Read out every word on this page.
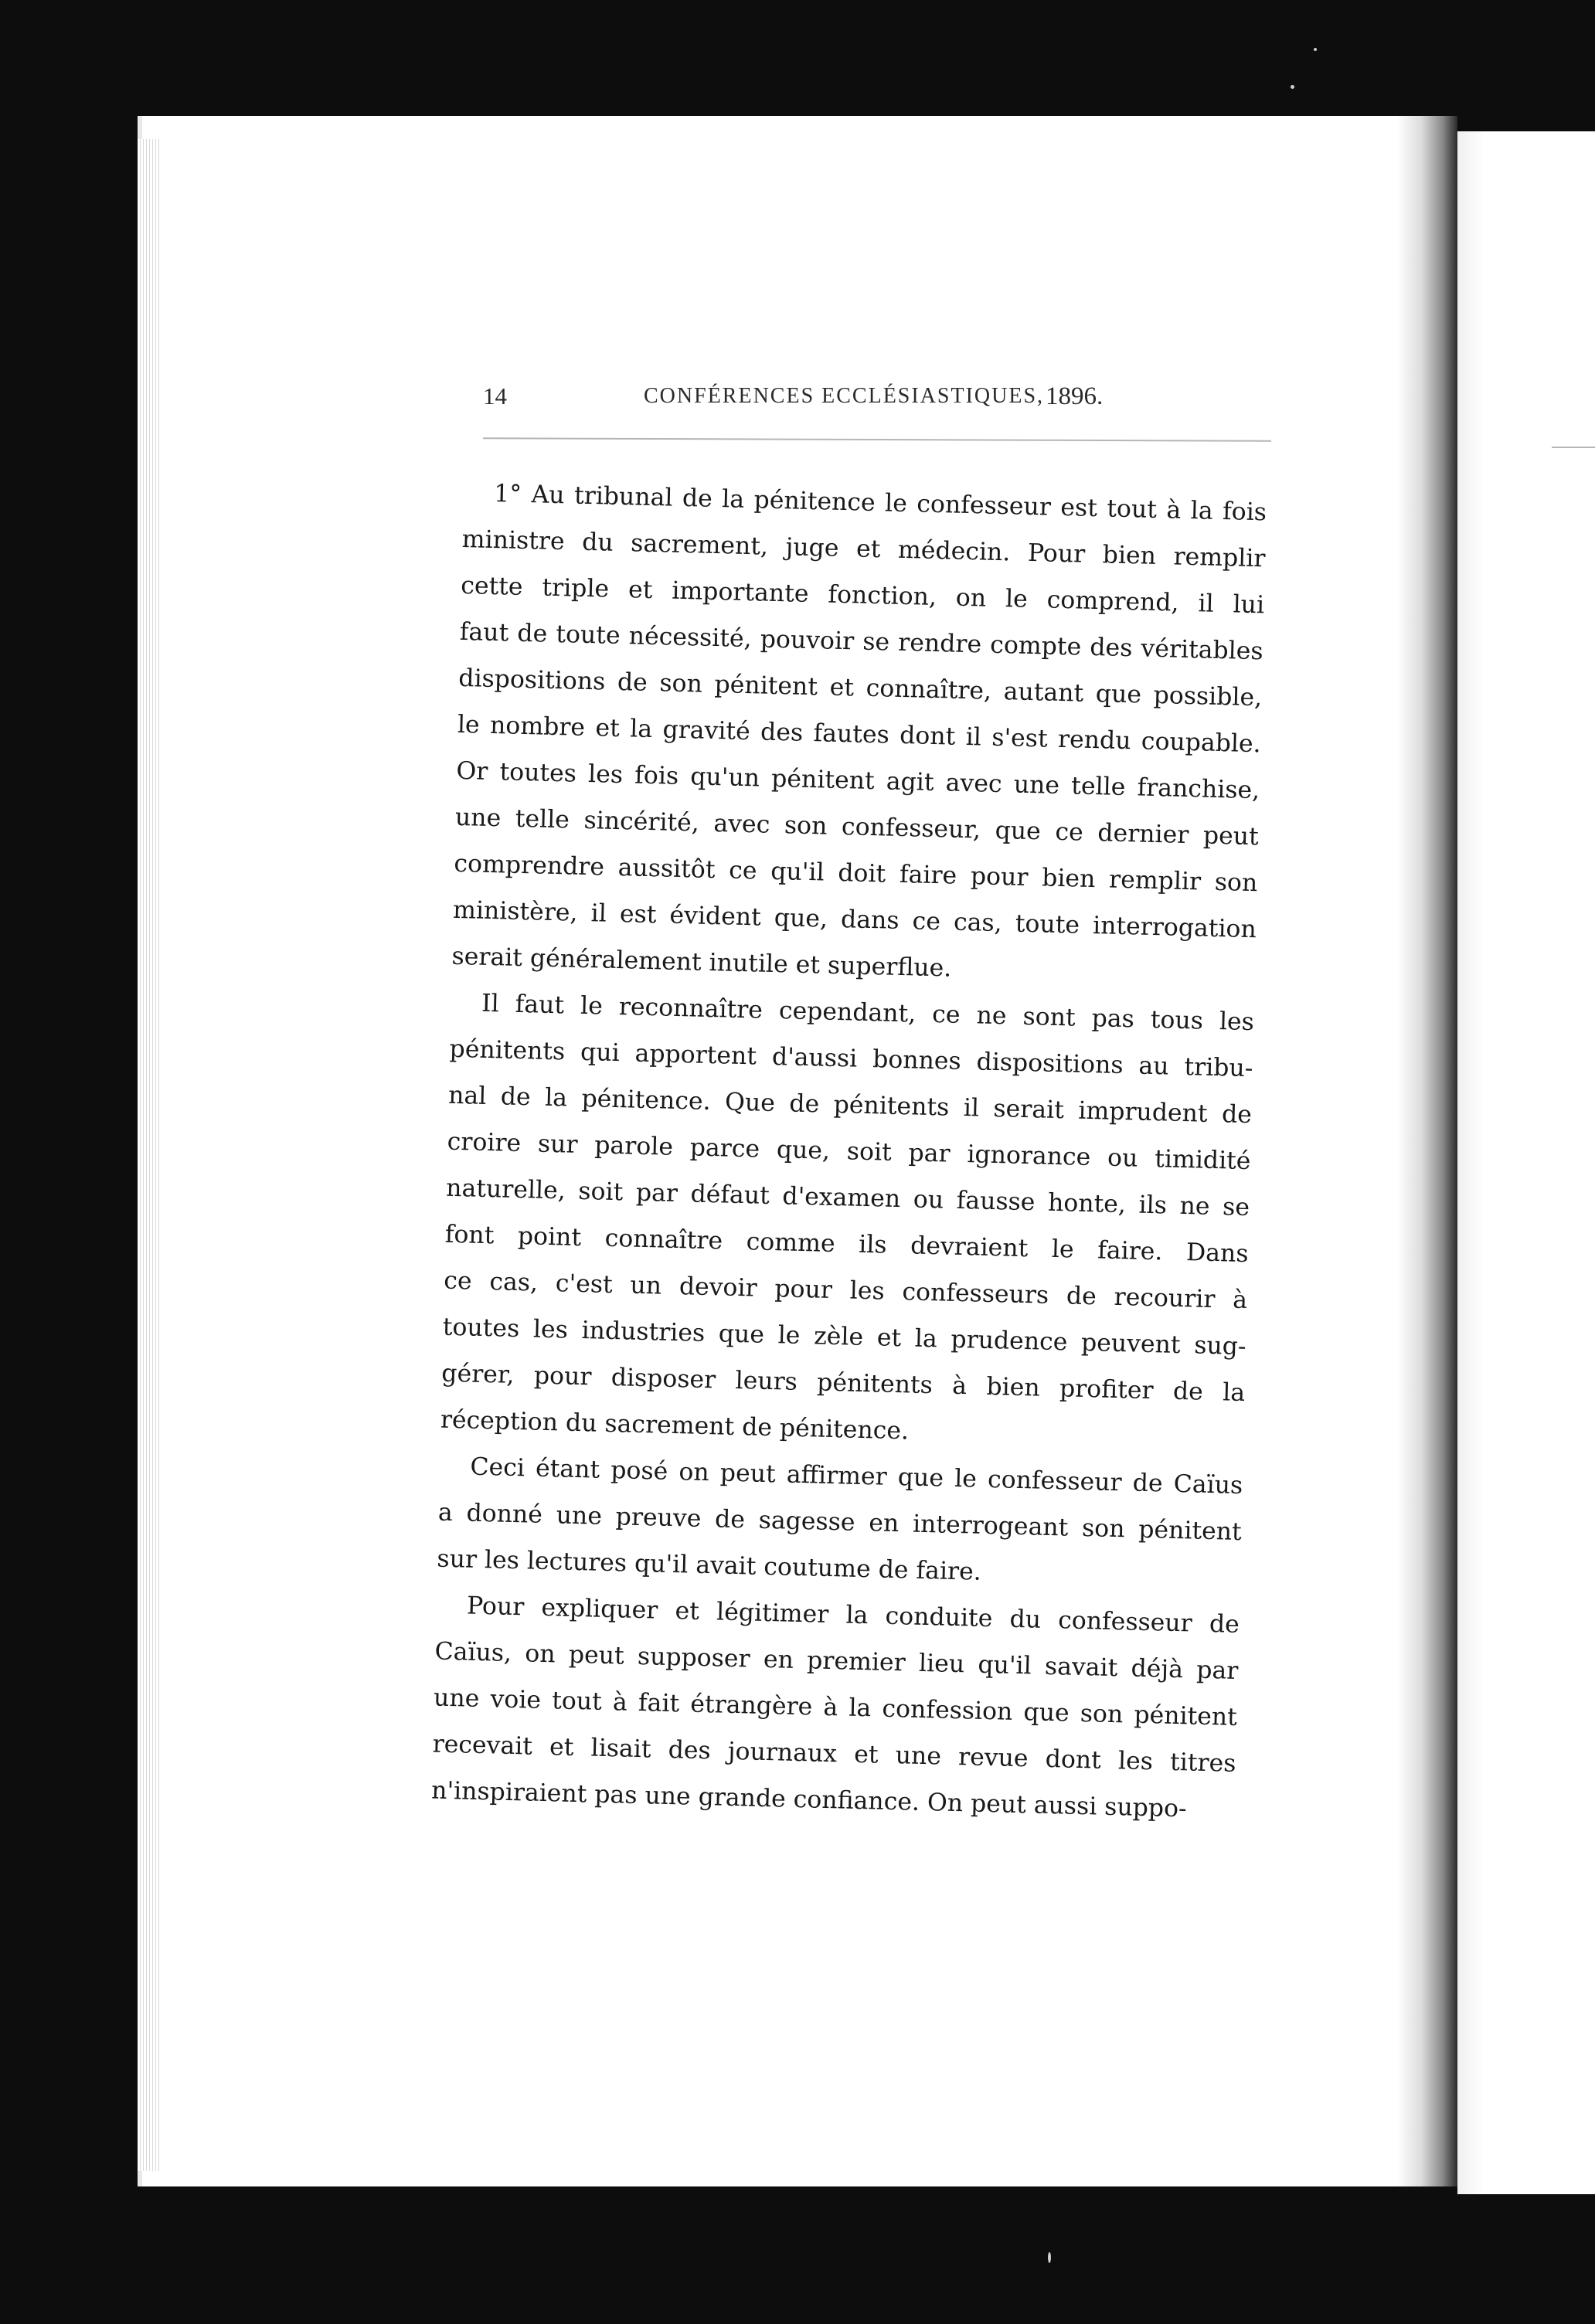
14	CONFÉRENCES ECCLÉSIASTIQUES, 1896.
1° Au tribunal de la pénitence le confesseur est tout à la fois
ministre du sacrement, juge et médecin. Pour bien remplir
cette triple et importante fonction, on le comprend, il lui
faut de toute nécessité, pouvoir se rendre compte des véritables
dispositions de son pénitent et connaître, autant que possible,
le nombre et la gravité des fautes dont il s'est rendu coupable.
Or toutes les fois qu'un pénitent agit avec une telle franchise,
une telle sincérité, avec son confesseur, que ce dernier peut
comprendre aussitôt ce qu'il doit faire pour bien remplir son
ministère, il est évident que, dans ce cas, toute interrogation
serait généralement inutile et superflue.
Il faut le reconnaître cependant, ce ne sont pas tous les
pénitents qui apportent d'aussi bonnes dispositions au tribu-
nal de la pénitence. Que de pénitents il serait imprudent de
croire sur parole parce que, soit par ignorance ou timidité
naturelle, soit par défaut d'examen ou fausse honte, ils ne se
font point connaître comme ils devraient le faire. Dans
ce cas, c'est un devoir pour les confesseurs de recourir à
toutes les industries que le zèle et la prudence peuvent sug-
gérer, pour disposer leurs pénitents à bien profiter de la
réception du sacrement de pénitence.
Ceci étant posé on peut affirmer que le confesseur de Caïus
a donné une preuve de sagesse en interrogeant son pénitent
sur les lectures qu'il avait coutume de faire.
Pour expliquer et légitimer la conduite du confesseur de
Caïus, on peut supposer en premier lieu qu'il savait déjà par
une voie tout à fait étrangère à la confession que son pénitent
recevait et lisait des journaux et une revue dont les titres
n'inspiraient pas une grande confiance. On peut aussi suppo-
